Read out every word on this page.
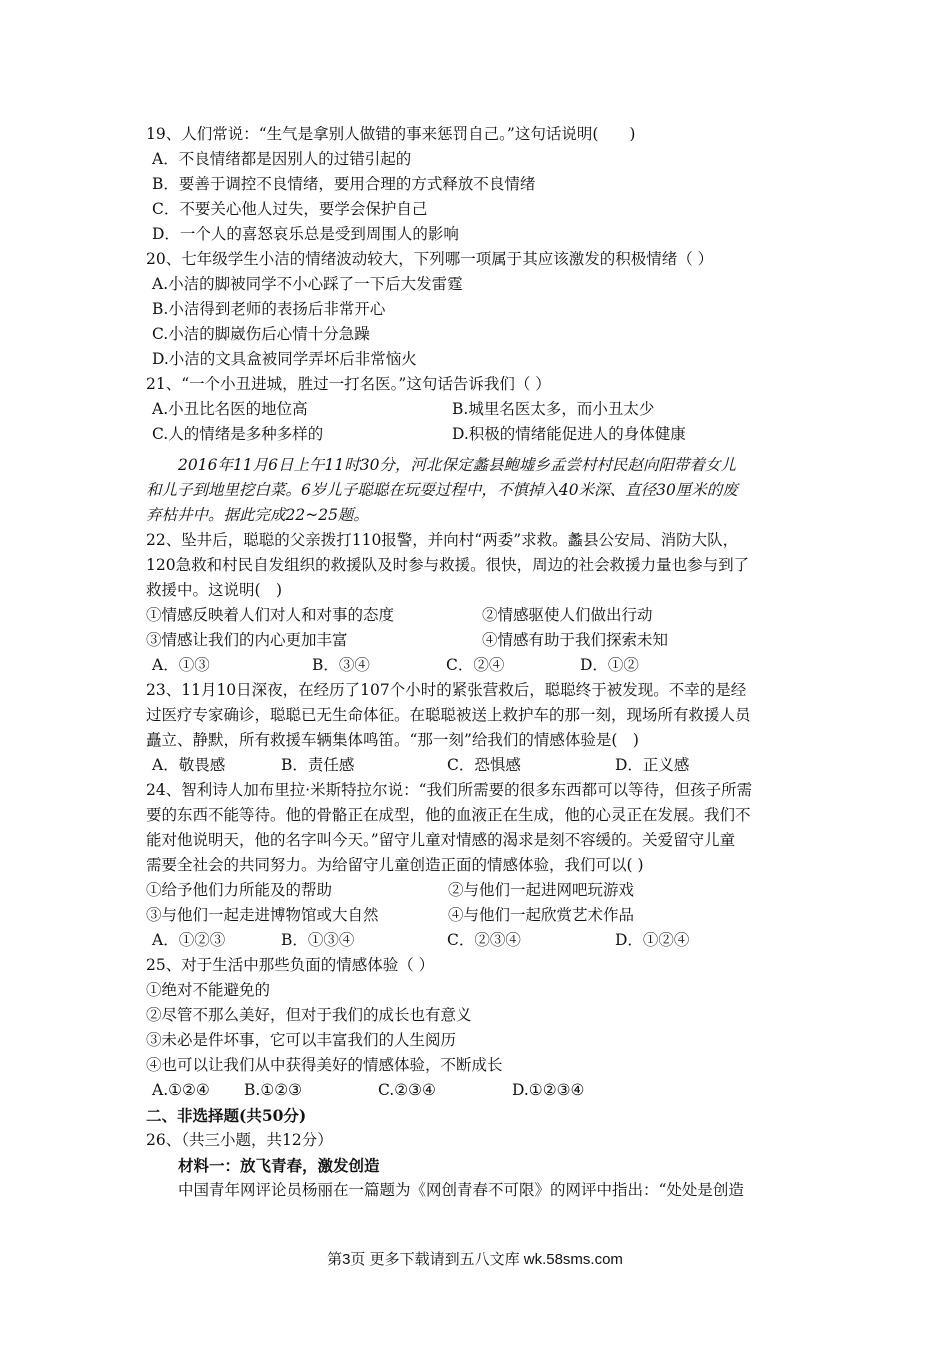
19、人们常说：“生气是拿别人做错的事来惩罚自己。”这句话说明(　　)
A．不良情绪都是因别人的过错引起的
B．要善于调控不良情绪，要用合理的方式释放不良情绪
C．不要关心他人过失，要学会保护自己
D．一个人的喜怒哀乐总是受到周围人的影响
20、七年级学生小洁的情绪波动较大，下列哪一项属于其应该激发的积极情绪（ ）
A.小洁的脚被同学不小心踩了一下后大发雷霆
B.小洁得到老师的表扬后非常开心
C.小洁的脚崴伤后心情十分急躁
D.小洁的文具盒被同学弄坏后非常恼火
21、“一个小丑进城，胜过一打名医。”这句话告诉我们（ ）
A.小丑比名医的地位高	B.城里名医太多，而小丑太少
C.人的情绪是多种多样的	D.积极的情绪能促进人的身体健康
2016年11月6日上午11时30分，河北保定蠡县鲍墟乡孟尝村村民赵向阳带着女儿
和儿子到地里挖白菜。6岁儿子聪聪在玩耍过程中，不慎掉入40米深、直径30厘米的废
弃枯井中。据此完成22~25题。
22、坠井后，聪聪的父亲拨打110报警，并向村“两委”求救。蠡县公安局、消防大队，
120急救和村民自发组织的救援队及时参与救援。很快，周边的社会救援力量也参与到了
救援中。这说明(　)
①情感反映着人们对人和对事的态度	②情感驱使人们做出行动
③情感让我们的内心更加丰富	④情感有助于我们探索未知
A．①③	B．③④	C．②④	D．①②
23、11月10日深夜，在经历了107个小时的紧张营救后，聪聪终于被发现。不幸的是经
过医疗专家确诊，聪聪已无生命体征。在聪聪被送上救护车的那一刻，现场所有救援人员
矗立、静默，所有救援车辆集体鸣笛。“那一刻”给我们的情感体验是(　)
A．敬畏感	B．责任感	C．恐惧感	D．正义感
24、智利诗人加布里拉·米斯特拉尔说：“我们所需要的很多东西都可以等待，但孩子所需
要的东西不能等待。他的骨骼正在成型，他的血液正在生成，他的心灵正在发展。我们不
能对他说明天，他的名字叫今天。”留守儿童对情感的渴求是刻不容缓的。关爱留守儿童
需要全社会的共同努力。为给留守儿童创造正面的情感体验，我们可以( )
①给予他们力所能及的帮助	②与他们一起进网吧玩游戏
③与他们一起走进博物馆或大自然	④与他们一起欣赏艺术作品
A．①②③	B．①③④	C．②③④	D．①②④
25、对于生活中那些负面的情感体验（ ）
①绝对不能避免的
②尽管不那么美好，但对于我们的成长也有意义
③未必是件坏事，它可以丰富我们的人生阅历
④也可以让我们从中获得美好的情感体验，不断成长
A.①②④	B.①②③	C.②③④	D.①②③④
二、非选择题(共50分)
26、（共三小题，共12分）
材料一：放飞青春，激发创造
中国青年网评论员杨丽在一篇题为《网创青春不可限》的网评中指出：“处处是创造
第3页 更多下载请到五八文库 wk.58sms.com
